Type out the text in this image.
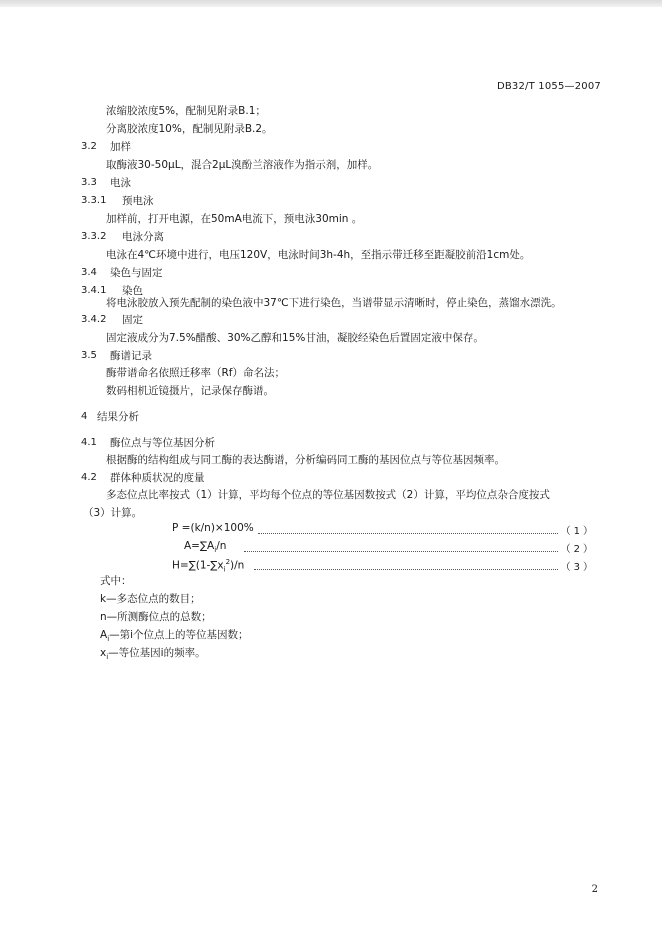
DB32/T 1055—2007
浓缩胶浓度5%，配制见附录B.1；
分离胶浓度10%，配制见附录B.2。
3.2 加样
取酶液30-50μL，混合2μL溴酚兰溶液作为指示剂，加样。
3.3 电泳
3.3.1 预电泳
加样前，打开电源，在50mA电流下，预电泳30min 。
3.3.2 电泳分离
电泳在4℃环境中进行，电压120V，电泳时间3h-4h，至指示带迁移至距凝胶前沿1cm处。
3.4 染色与固定
3.4.1 染色
将电泳胶放入预先配制的染色液中37℃下进行染色，当谱带显示清晰时，停止染色，蒸馏水漂洗。
3.4.2 固定
固定液成分为7.5%醋酸、30%乙醇和15%甘油，凝胶经染色后置固定液中保存。
3.5 酶谱记录
酶带谱命名依照迁移率（Rf）命名法；
数码相机近镜摄片，记录保存酶谱。
4 结果分析
4.1 酶位点与等位基因分析
根据酶的结构组成与同工酶的表达酶谱，分析编码同工酶的基因位点与等位基因频率。
4.2 群体种质状况的度量
多态位点比率按式（1）计算，平均每个位点的等位基因数按式（2）计算，平均位点杂合度按式
（3）计算。
P =(k/n)×100%	（1）
$A=\sum A_i/n$	（2）
$H=\sum(1-\sum x_i^2)/n$	（3）
式中：
k—多态位点的数目；
n—所测酶位点的总数；
$A_i—$第i个位点上的等位基因数；
$x_i—$等位基因i的频率。
2
